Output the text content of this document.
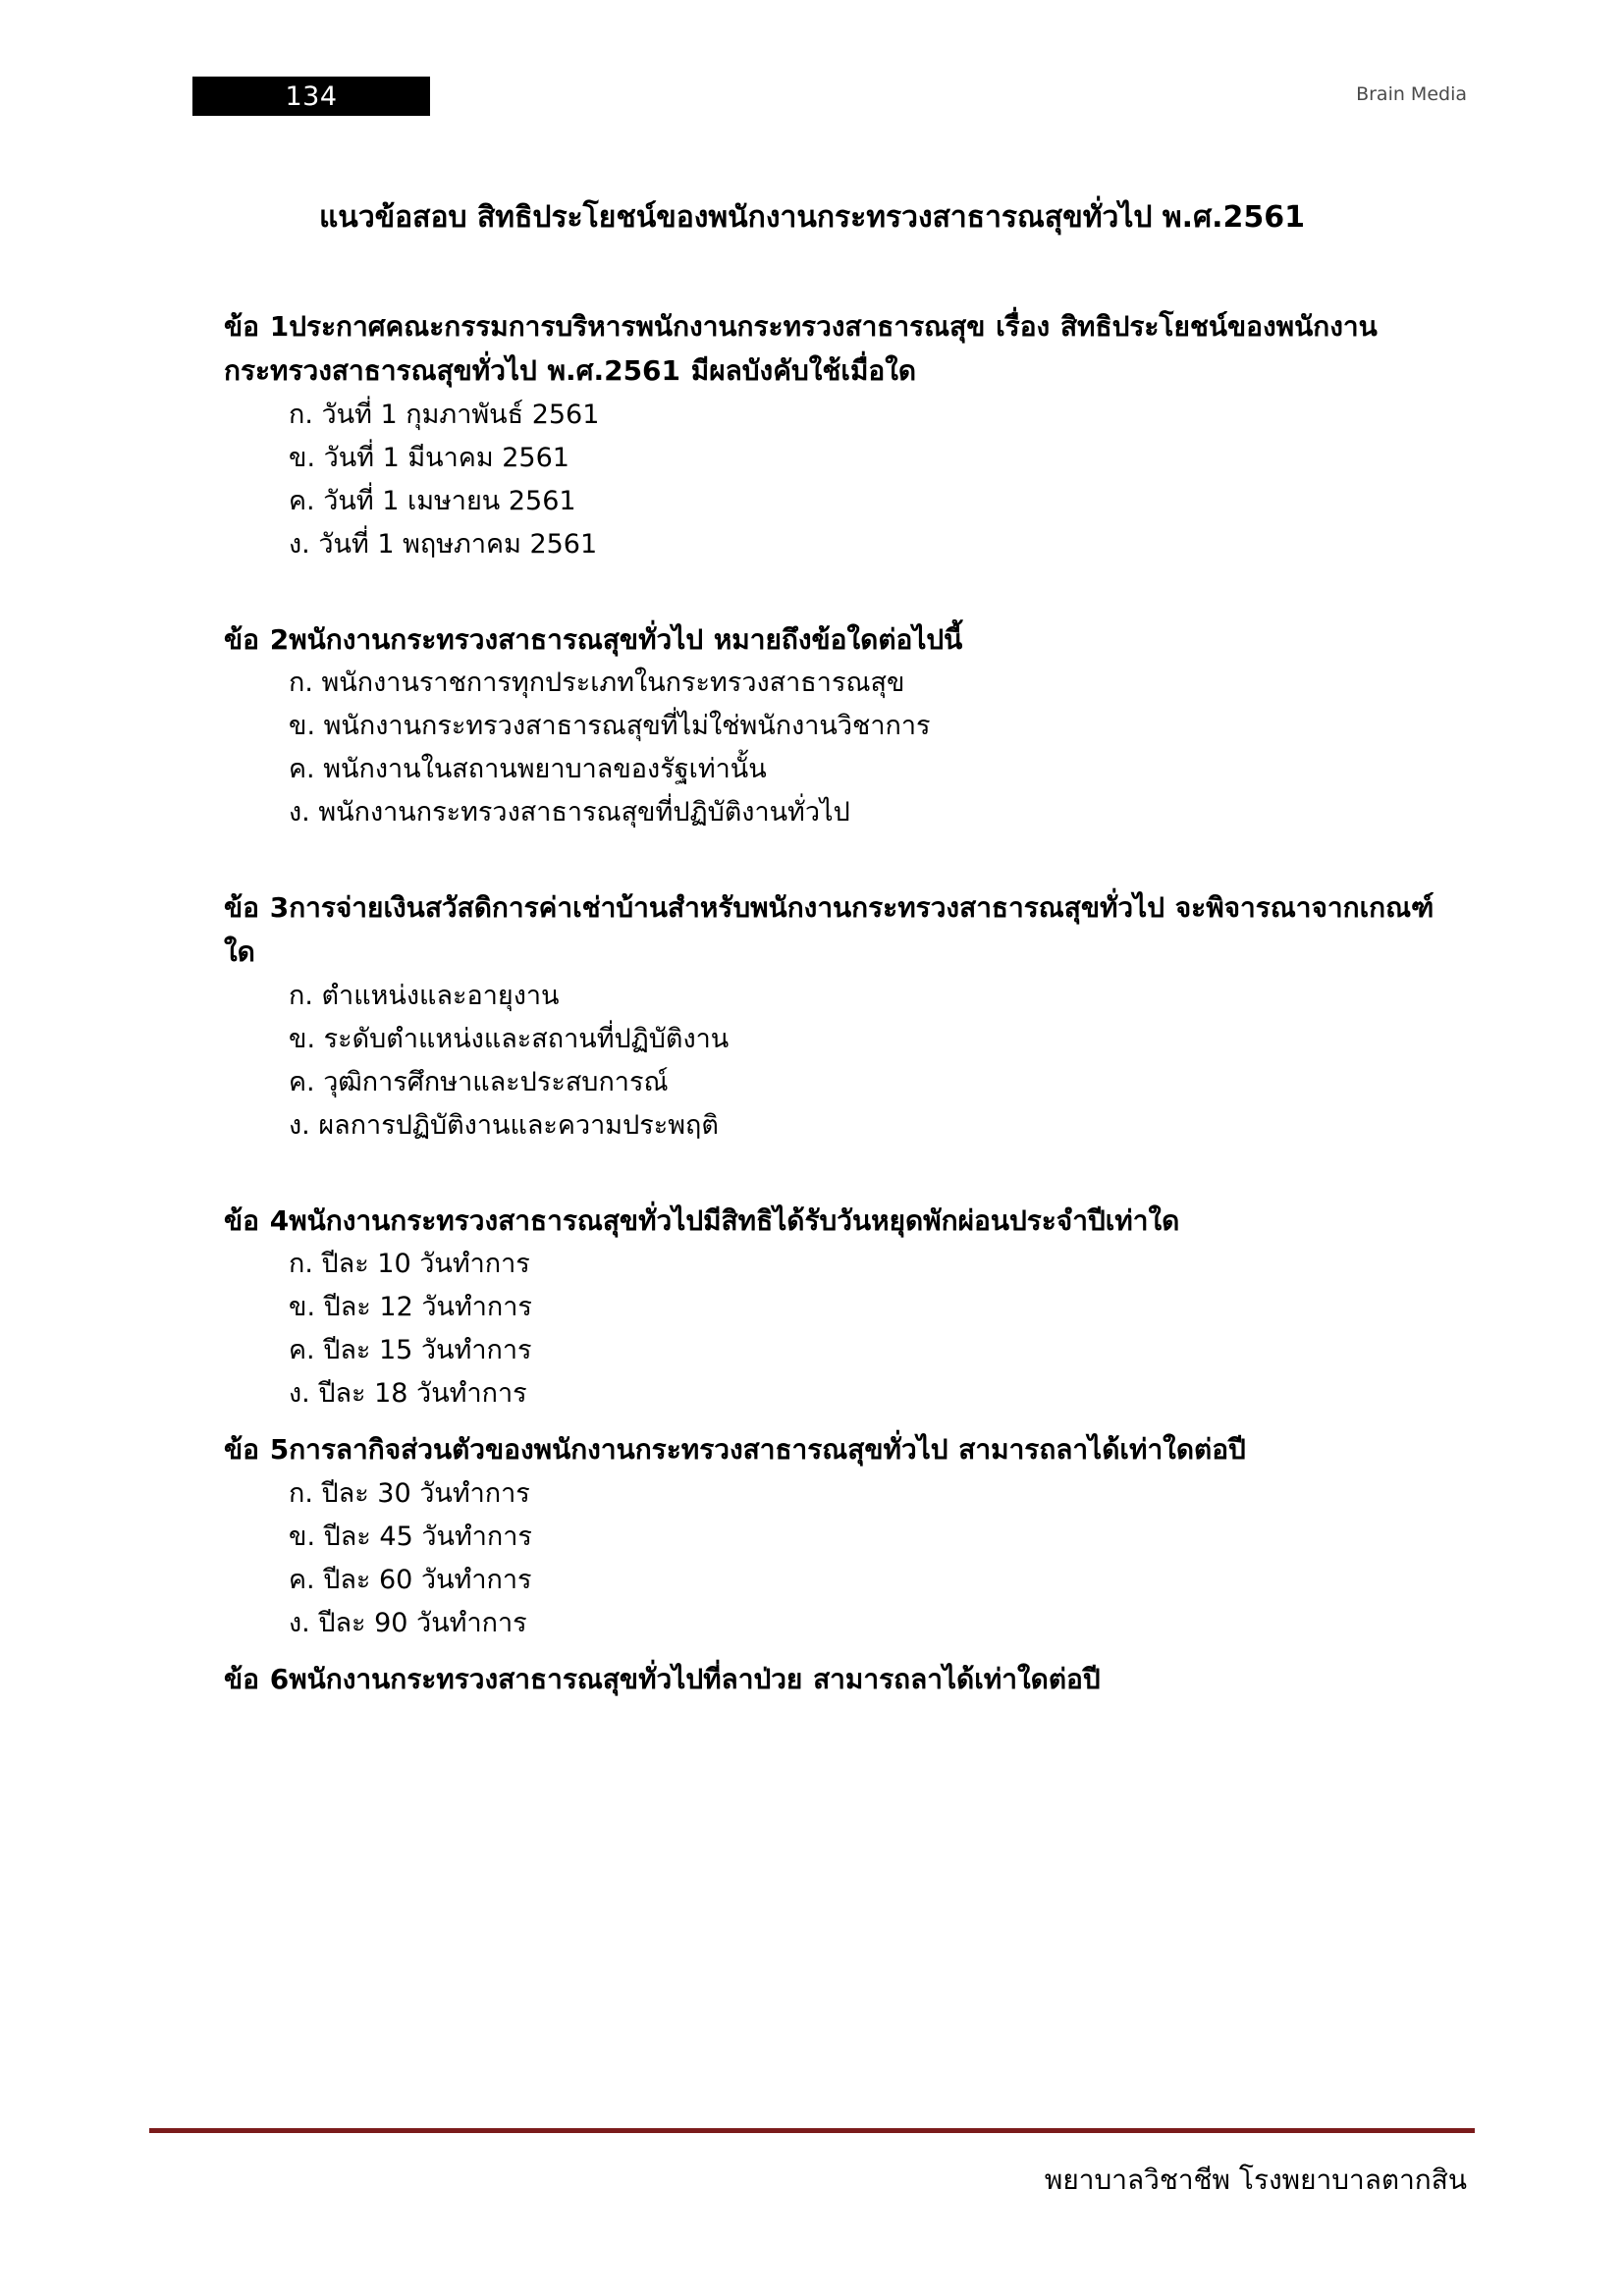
134	Brain Media
แนวข้อสอบ สิทธิประโยชน์ของพนักงานกระทรวงสาธารณสุขทั่วไป พ.ศ.2561

ข้อ 1ประกาศคณะกรรมการบริหารพนักงานกระทรวงสาธารณสุข เรื่อง สิทธิประโยชน์ของพนักงานกระทรวงสาธารณสุขทั่วไป พ.ศ.2561 มีผลบังคับใช้เมื่อใด

ก. วันที่ 1 กุมภาพันธ์ 2561
ข. วันที่ 1 มีนาคม 2561
ค. วันที่ 1 เมษายน 2561
ง. วันที่ 1 พฤษภาคม 2561

ข้อ 2พนักงานกระทรวงสาธารณสุขทั่วไป หมายถึงข้อใดต่อไปนี้

ก. พนักงานราชการทุกประเภทในกระทรวงสาธารณสุข
ข. พนักงานกระทรวงสาธารณสุขที่ไม่ใช่พนักงานวิชาการ
ค. พนักงานในสถานพยาบาลของรัฐเท่านั้น
ง. พนักงานกระทรวงสาธารณสุขที่ปฏิบัติงานทั่วไป

ข้อ 3การจ่ายเงินสวัสดิการค่าเช่าบ้านสำหรับพนักงานกระทรวงสาธารณสุขทั่วไป จะพิจารณาจากเกณฑ์ใด

ก. ตำแหน่งและอายุงาน
ข. ระดับตำแหน่งและสถานที่ปฏิบัติงาน
ค. วุฒิการศึกษาและประสบการณ์
ง. ผลการปฏิบัติงานและความประพฤติ

ข้อ 4พนักงานกระทรวงสาธารณสุขทั่วไปมีสิทธิได้รับวันหยุดพักผ่อนประจำปีเท่าใด

ก. ปีละ 10 วันทำการ
ข. ปีละ 12 วันทำการ
ค. ปีละ 15 วันทำการ
ง. ปีละ 18 วันทำการ

ข้อ 5การลากิจส่วนตัวของพนักงานกระทรวงสาธารณสุขทั่วไป สามารถลาได้เท่าใดต่อปี

ก. ปีละ 30 วันทำการ
ข. ปีละ 45 วันทำการ
ค. ปีละ 60 วันทำการ
ง. ปีละ 90 วันทำการ

ข้อ 6พนักงานกระทรวงสาธารณสุขทั่วไปที่ลาป่วย สามารถลาได้เท่าใดต่อปี

พยาบาลวิชาชีพ โรงพยาบาลตากสิน
